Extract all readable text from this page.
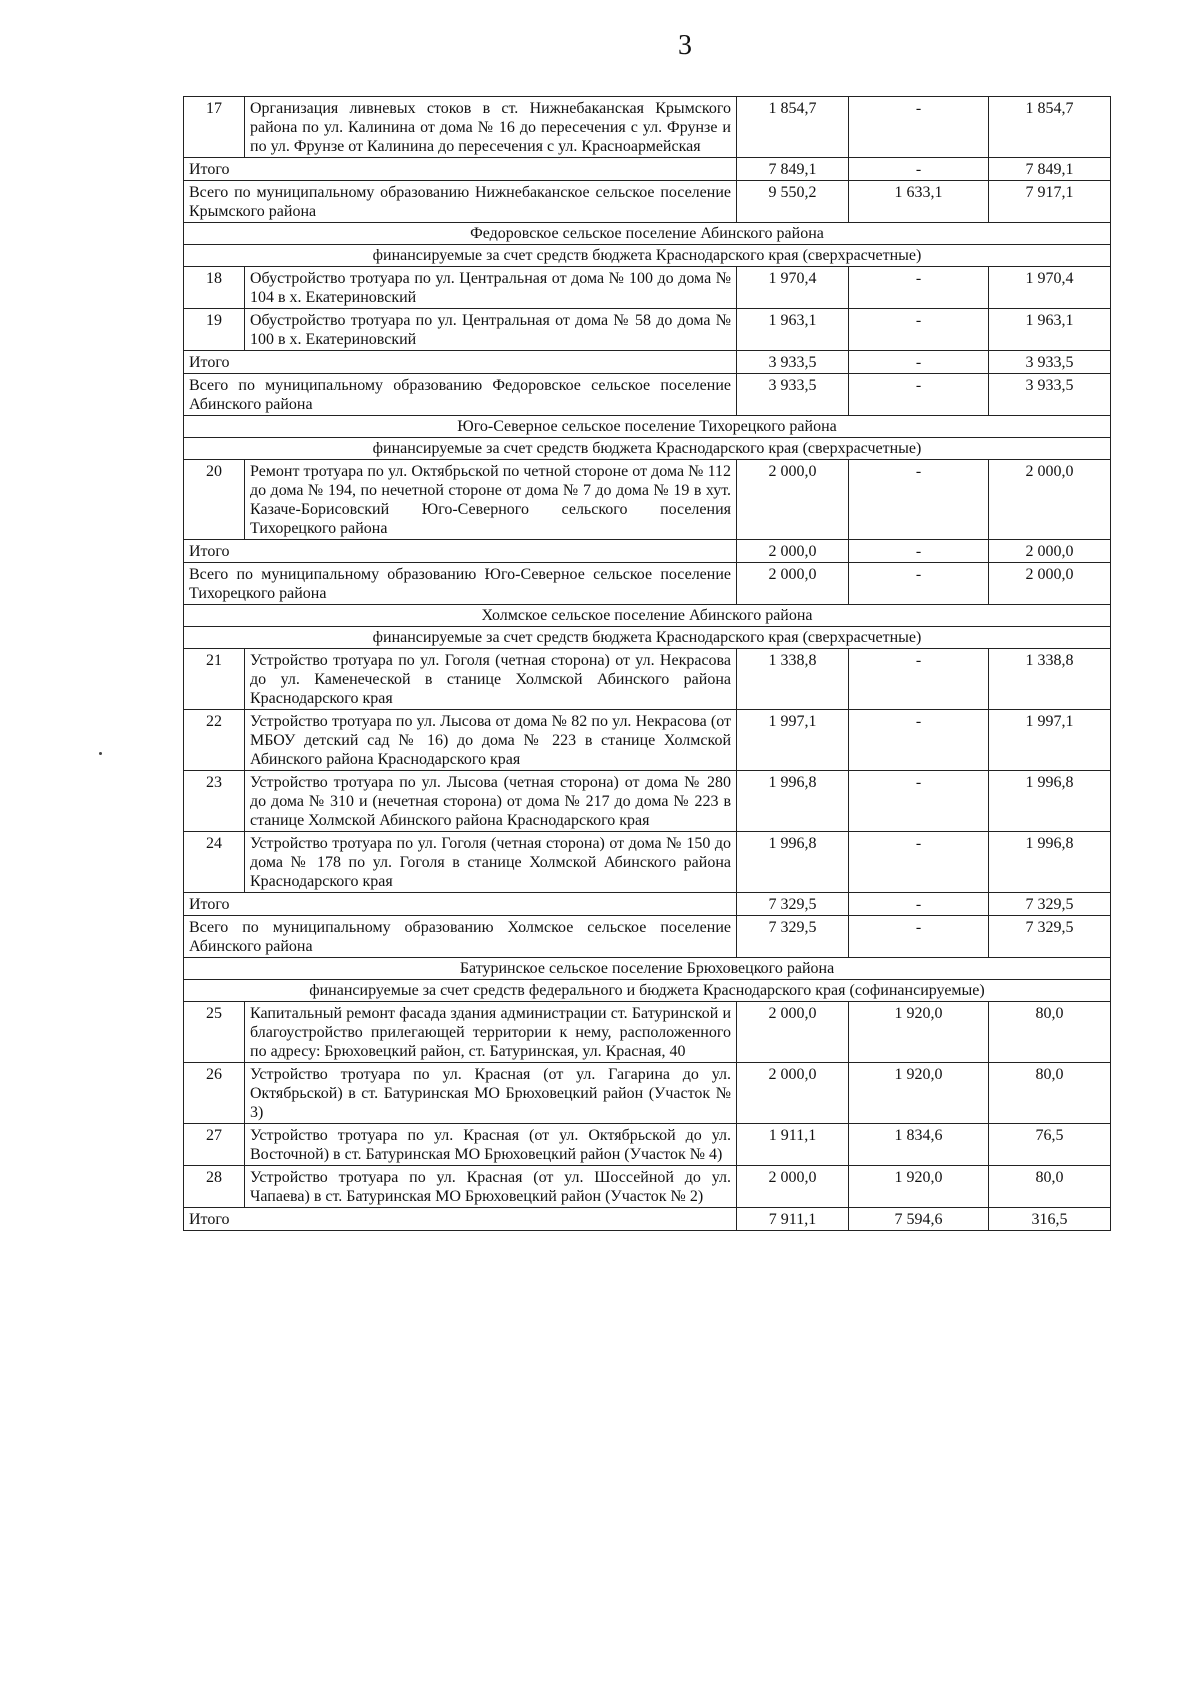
3
17	Организация ливневых стоков в ст. Нижнебаканская Крымского района по ул. Калинина от дома № 16 до пересечения с ул. Фрунзе и по ул. Фрунзе от Калинина до пересечения с ул. Красноармейская	1 854,7	-	1 854,7
Итого		7 849,1	-	7 849,1
Всего по муниципальному образованию Нижнебаканское сельское поселение Крымского района		9 550,2	1 633,1	7 917,1
Федоровское сельское поселение Абинского района				
финансируемые за счет средств бюджета Краснодарского края (сверхрасчетные)				
18	Обустройство тротуара по ул. Центральная от дома № 100 до дома № 104 в х. Екатериновский	1 970,4	-	1 970,4
19	Обустройство тротуара по ул. Центральная от дома № 58 до дома № 100 в х. Екатериновский	1 963,1	-	1 963,1
Итого		3 933,5	-	3 933,5
Всего по муниципальному образованию Федоровское сельское поселение Абинского района		3 933,5	-	3 933,5
Юго-Северное сельское поселение Тихорецкого района				
финансируемые за счет средств бюджета Краснодарского края (сверхрасчетные)				
20	Ремонт тротуара по ул. Октябрьской по четной стороне от дома № 112 до дома № 194, по нечетной стороне от дома № 7 до дома № 19 в хут. Казаче-Борисовский Юго-Северного сельского поселения Тихорецкого района	2 000,0	-	2 000,0
Итого		2 000,0	-	2 000,0
Всего по муниципальному образованию Юго-Северное сельское поселение Тихорецкого района		2 000,0	-	2 000,0
Холмское сельское поселение Абинского района				
финансируемые за счет средств бюджета Краснодарского края (сверхрасчетные)				
21	Устройство тротуара по ул. Гоголя (четная сторона) от ул. Некрасова до ул. Каменеческой в станице Холмской Абинского района Краснодарского края	1 338,8	-	1 338,8
22	Устройство тротуара по ул. Лысова от дома № 82 по ул. Некрасова (от МБОУ детский сад № 16) до дома № 223 в станице Холмской Абинского района Краснодарского края	1 997,1	-	1 997,1
23	Устройство тротуара по ул. Лысова (четная сторона) от дома № 280 до дома № 310 и (нечетная сторона) от дома № 217 до дома № 223 в станице Холмской Абинского района Краснодарского края	1 996,8	-	1 996,8
24	Устройство тротуара по ул. Гоголя (четная сторона) от дома № 150 до дома № 178 по ул. Гоголя в станице Холмской Абинского района Краснодарского края	1 996,8	-	1 996,8
Итого		7 329,5	-	7 329,5
Всего по муниципальному образованию Холмское сельское поселение Абинского района		7 329,5	-	7 329,5
Батуринское сельское поселение Брюховецкого района				
финансируемые за счет средств федерального и бюджета Краснодарского края (софинансируемые)				
25	Капитальный ремонт фасада здания администрации ст. Батуринской и благоустройство прилегающей территории к нему, расположенного по адресу: Брюховецкий район, ст. Батуринская, ул. Красная, 40	2 000,0	1 920,0	80,0
26	Устройство тротуара по ул. Красная (от ул. Гагарина до ул. Октябрьской) в ст. Батуринская МО Брюховецкий район (Участок № 3)	2 000,0	1 920,0	80,0
27	Устройство тротуара по ул. Красная (от ул. Октябрьской до ул. Восточной) в ст. Батуринская МО Брюховецкий район (Участок № 4)	1 911,1	1 834,6	76,5
28	Устройство тротуара по ул. Красная (от ул. Шоссейной до ул. Чапаева) в ст. Батуринская МО Брюховецкий район (Участок № 2)	2 000,0	1 920,0	80,0
Итого		7 911,1	7 594,6	316,5
